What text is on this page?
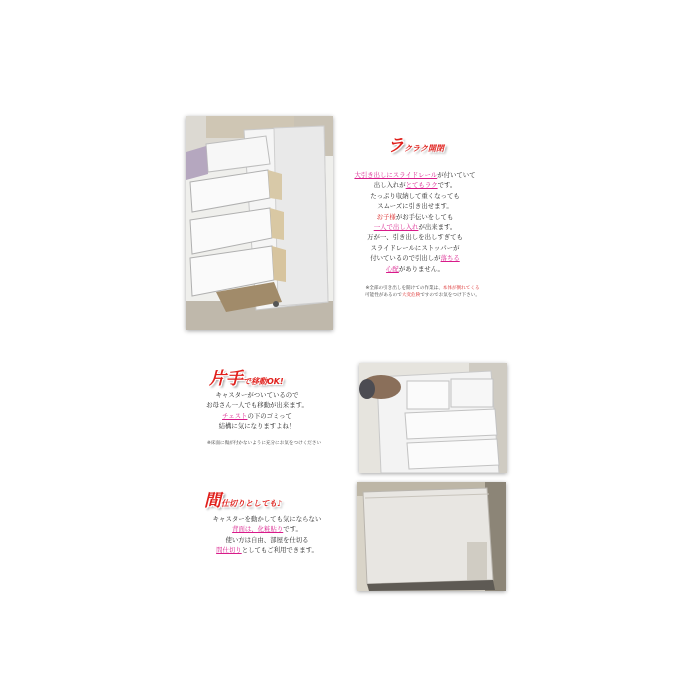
ラクラク開閉
大引き出しにスライドレールが付いていて
出し入れがとてもラクです。
たっぷり収納して重くなっても
スムーズに引き出せます。
お子様がお手伝いをしても
一人で出し入れが出来ます。
万が一、引き出しを出しすぎても
スライドレールにストッパーが
付いているので引出しが落ちる
心配がありません。
※全部の引き出しを開けての作業は、本体が倒れてくる
可能性があるので大変危険ですのでお気をつけ下さい。
片手で移動OK!
キャスターがついているので
お母さん一人でも移動が出来ます。
チェストの下のゴミって
結構に気になりますよね！
※床面に傷が付かないように充分にお気をつけください
間仕切りとしても♪
キャスターを動かしても気にならない
背面は、化粧貼りです。
使い方は自由、部屋を仕切る
間仕切りとしてもご利用できます。
